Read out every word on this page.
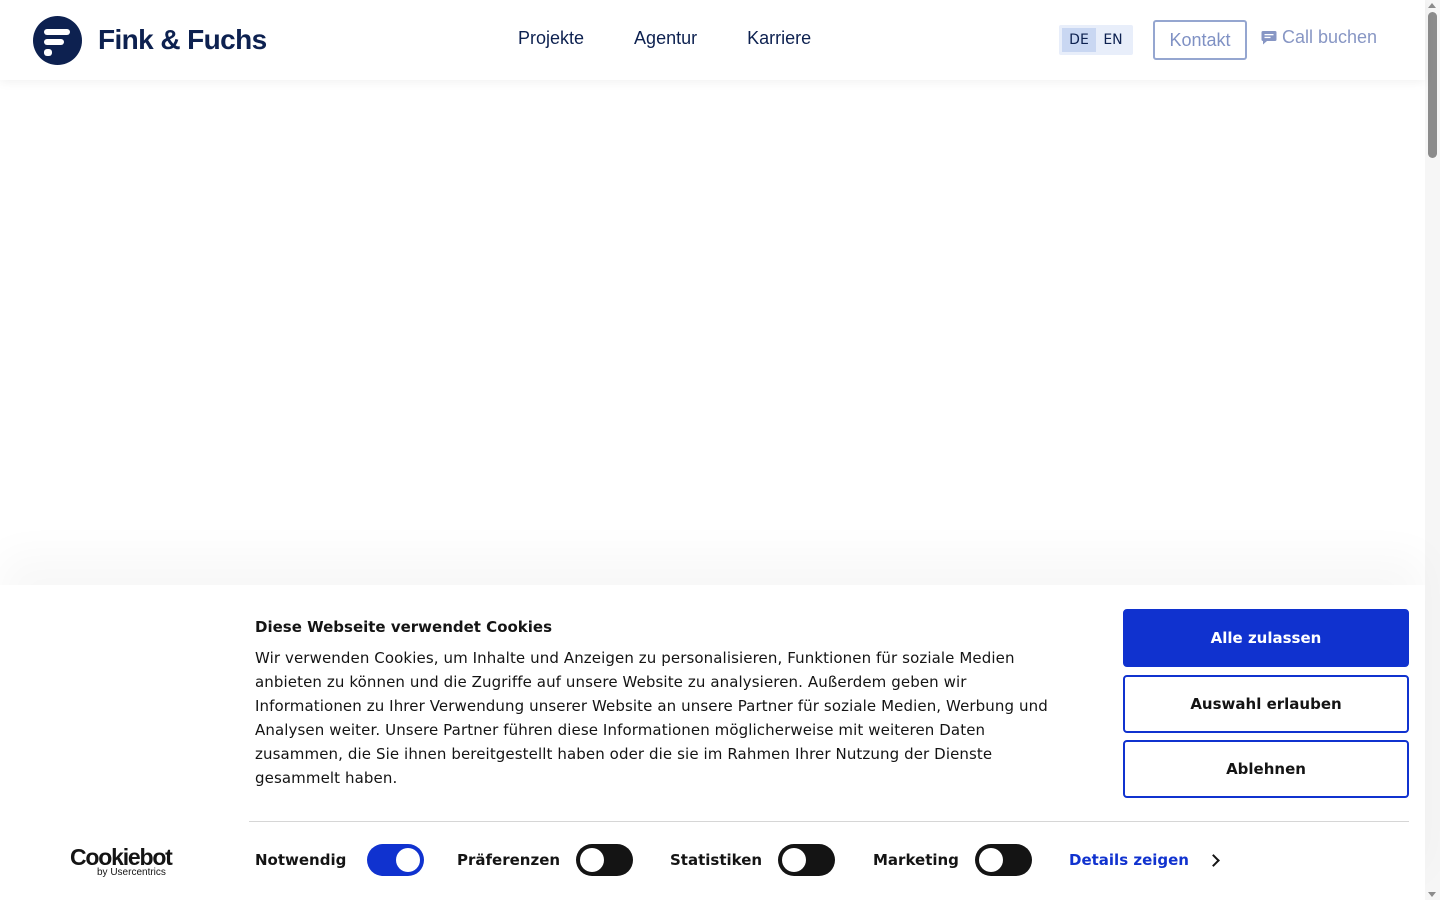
Fink & Fuchs	Projekte	Agentur	Karriere	DE	EN	Kontakt	Call buchen
Diese Webseite verwendet Cookies

Wir verwenden Cookies, um Inhalte und Anzeigen zu personalisieren, Funktionen für soziale Medien anbieten zu können und die Zugriffe auf unsere Website zu analysieren. Außerdem geben wir Informationen zu Ihrer Verwendung unserer Website an unsere Partner für soziale Medien, Werbung und Analysen weiter. Unsere Partner führen diese Informationen möglicherweise mit weiteren Daten zusammen, die Sie ihnen bereitgestellt haben oder die sie im Rahmen Ihrer Nutzung der Dienste gesammelt haben.

Alle zulassen
Auswahl erlauben
Ablehnen
Cookiebot
by Usercentrics
Notwendig	Präferenzen	Statistiken	Marketing	Details zeigen
